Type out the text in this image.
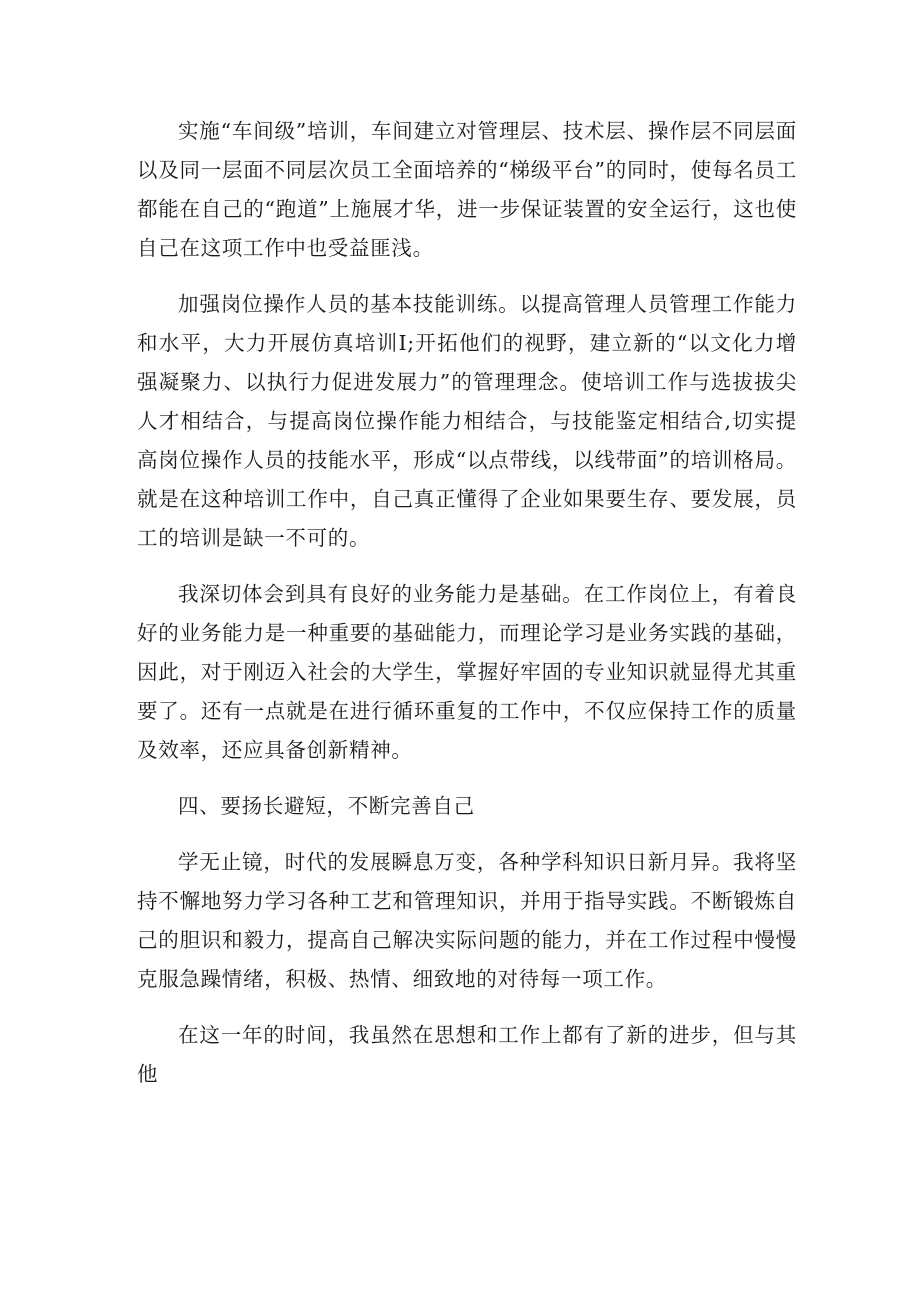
实施“车间级”培训，车间建立对管理层、技术层、操作层不同层面以及同一层面不同层次员工全面培养的“梯级平台”的同时，使每名员工都能在自己的“跑道”上施展才华，进一步保证装置的安全运行，这也使自己在这项工作中也受益匪浅。

加强岗位操作人员的基本技能训练。以提高管理人员管理工作能力和水平，大力开展仿真培训I;开拓他们的视野，建立新的“以文化力增强凝聚力、以执行力促进发展力”的管理理念。使培训工作与选拔拔尖人才相结合，与提高岗位操作能力相结合，与技能鉴定相结合,切实提高岗位操作人员的技能水平，形成“以点带线，以线带面”的培训格局。就是在这种培训工作中，自己真正懂得了企业如果要生存、要发展，员工的培训是缺一不可的。

我深切体会到具有良好的业务能力是基础。在工作岗位上，有着良好的业务能力是一种重要的基础能力，而理论学习是业务实践的基础，因此，对于刚迈入社会的大学生，掌握好牢固的专业知识就显得尤其重要了。还有一点就是在进行循环重复的工作中，不仅应保持工作的质量及效率，还应具备创新精神。

四、要扬长避短，不断完善自己

学无止镜，时代的发展瞬息万变，各种学科知识日新月异。我将坚持不懈地努力学习各种工艺和管理知识，并用于指导实践。不断锻炼自己的胆识和毅力，提高自己解决实际问题的能力，并在工作过程中慢慢克服急躁情绪，积极、热情、细致地的对待每一项工作。

在这一年的时间，我虽然在思想和工作上都有了新的进步，但与其他
